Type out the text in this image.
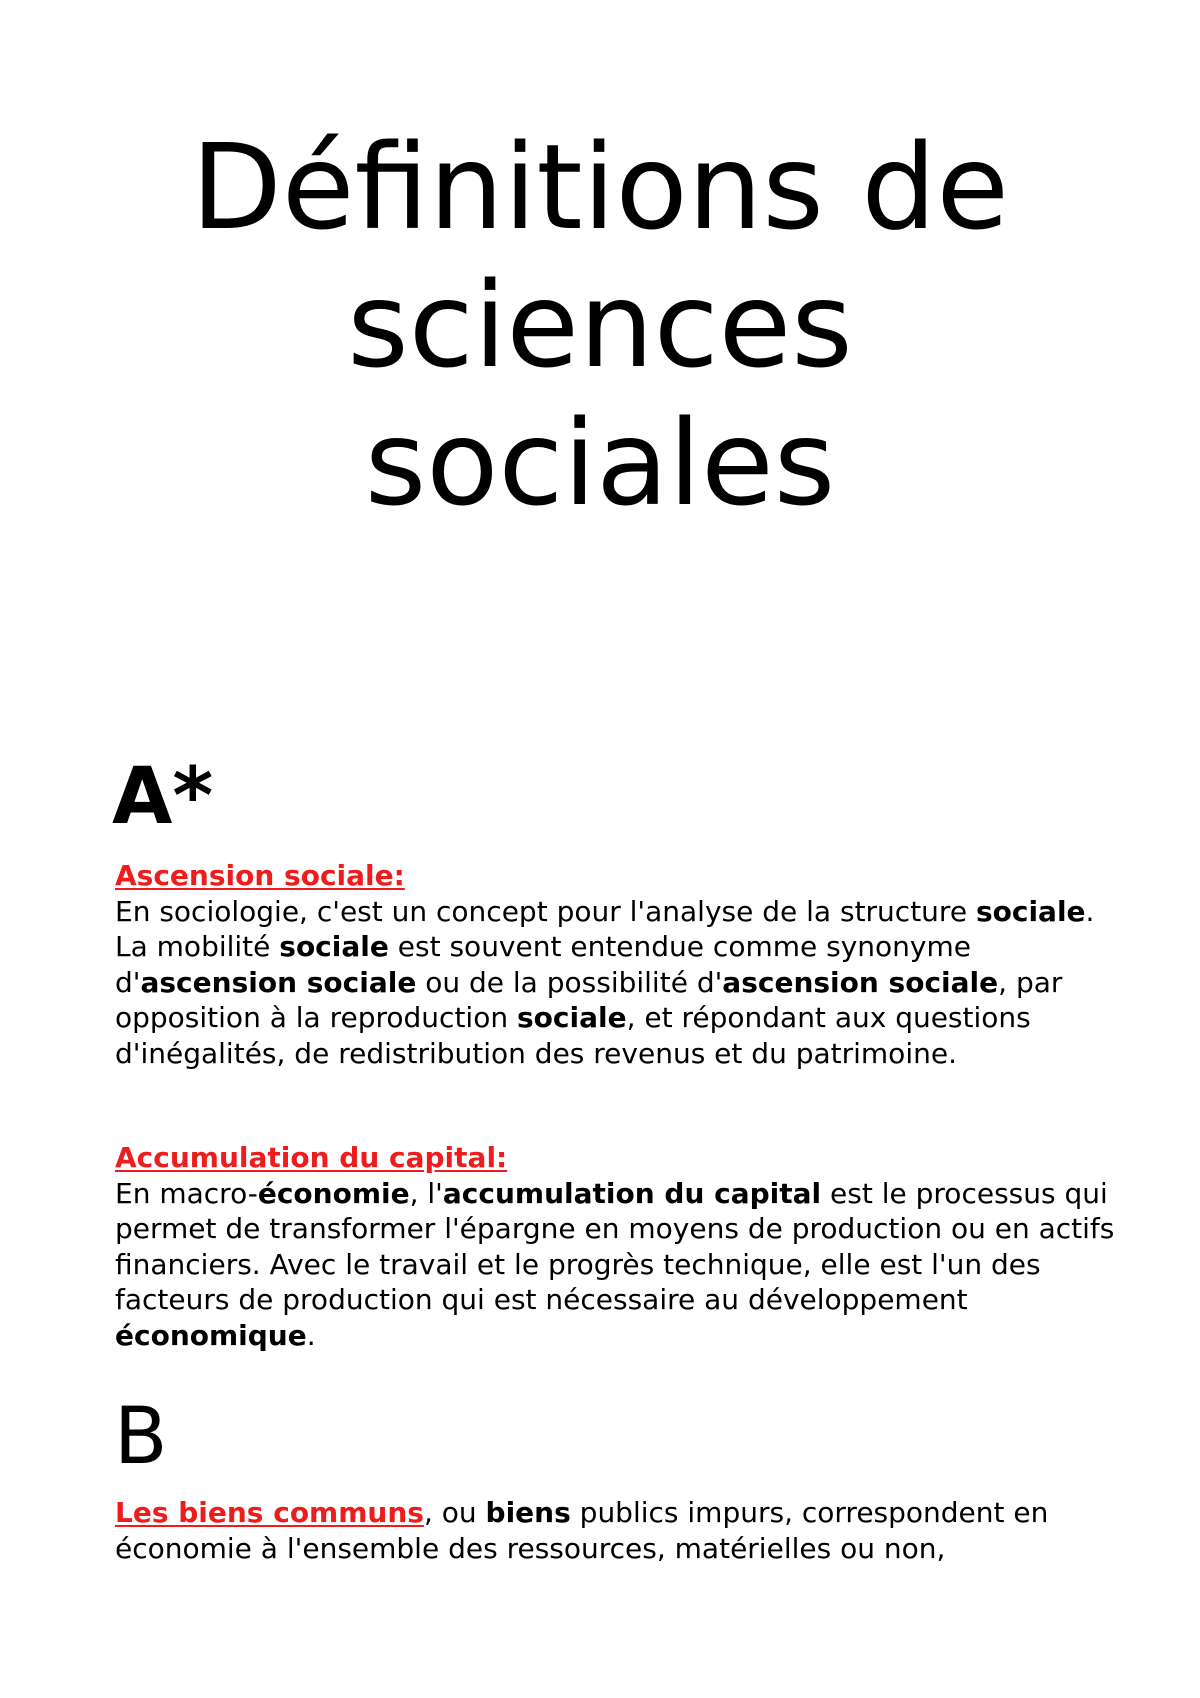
Définitions de
sciences
sociales
A*

Ascension sociale:

En sociologie, c'est un concept pour l'analyse de la structure sociale. La mobilité sociale est souvent entendue comme synonyme d'ascension sociale ou de la possibilité d'ascension sociale, par opposition à la reproduction sociale, et répondant aux questions d'inégalités, de redistribution des revenus et du patrimoine.

Accumulation du capital:

En macro-économie, l'accumulation du capital est le processus qui permet de transformer l'épargne en moyens de production ou en actifs financiers. Avec le travail et le progrès technique, elle est l'un des facteurs de production qui est nécessaire au développement économique.

B

Les biens communs, ou biens publics impurs, correspondent en économie à l'ensemble des ressources, matérielles ou non,
